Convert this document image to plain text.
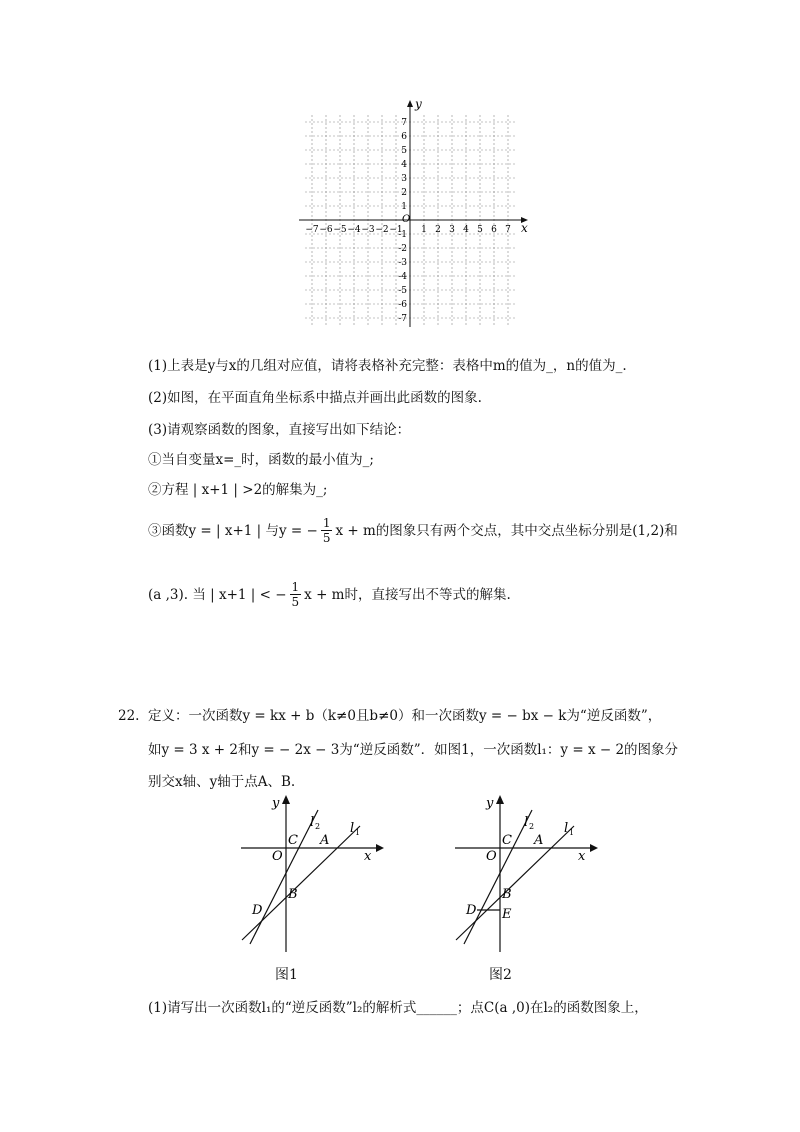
−7 −6 −5 −4 −3 −2 −1 1 2 3 4 5 6 7
7
6
5
4
3
2
1
-1
-2
-3
-4
-5
-6
-7
x
y
O
(1)上表是y与x的几组对应值，请将表格补充完整：表格中m的值为_，n的值为_.
(2)如图，在平面直角坐标系中描点并画出此函数的图象.
(3)请观察函数的图象，直接写出如下结论：
①当自变量x=_时，函数的最小值为_;
②方程 | x+1 | >2的解集为_;
③函数y = | x+1 | 与y = − $\frac{1}{5}$ x + m的图象只有两个交点，其中交点坐标分别是(1,2)和
(a ,3). 当 | x+1 | < − $\frac{1}{5}$ x + m时，直接写出不等式的解集.
22. 定义：一次函数y = kx + b（k≠0且b≠0）和一次函数y = − bx − k为“逆反函数”，
如y = 3 x + 2和y = − 2x − 3为“逆反函数”．如图1，一次函数l₁：y = x − 2的图象分
别交x轴、y轴于点A、B.
y
x
O
C A
B
D
l 2 l 1
图1
y
x
O
C A
B
E
D
l 2 l 1
图2
(1)请写出一次函数l₁的“逆反函数”l₂的解析式______；点C(a ,0)在l₂的函数图象上，
